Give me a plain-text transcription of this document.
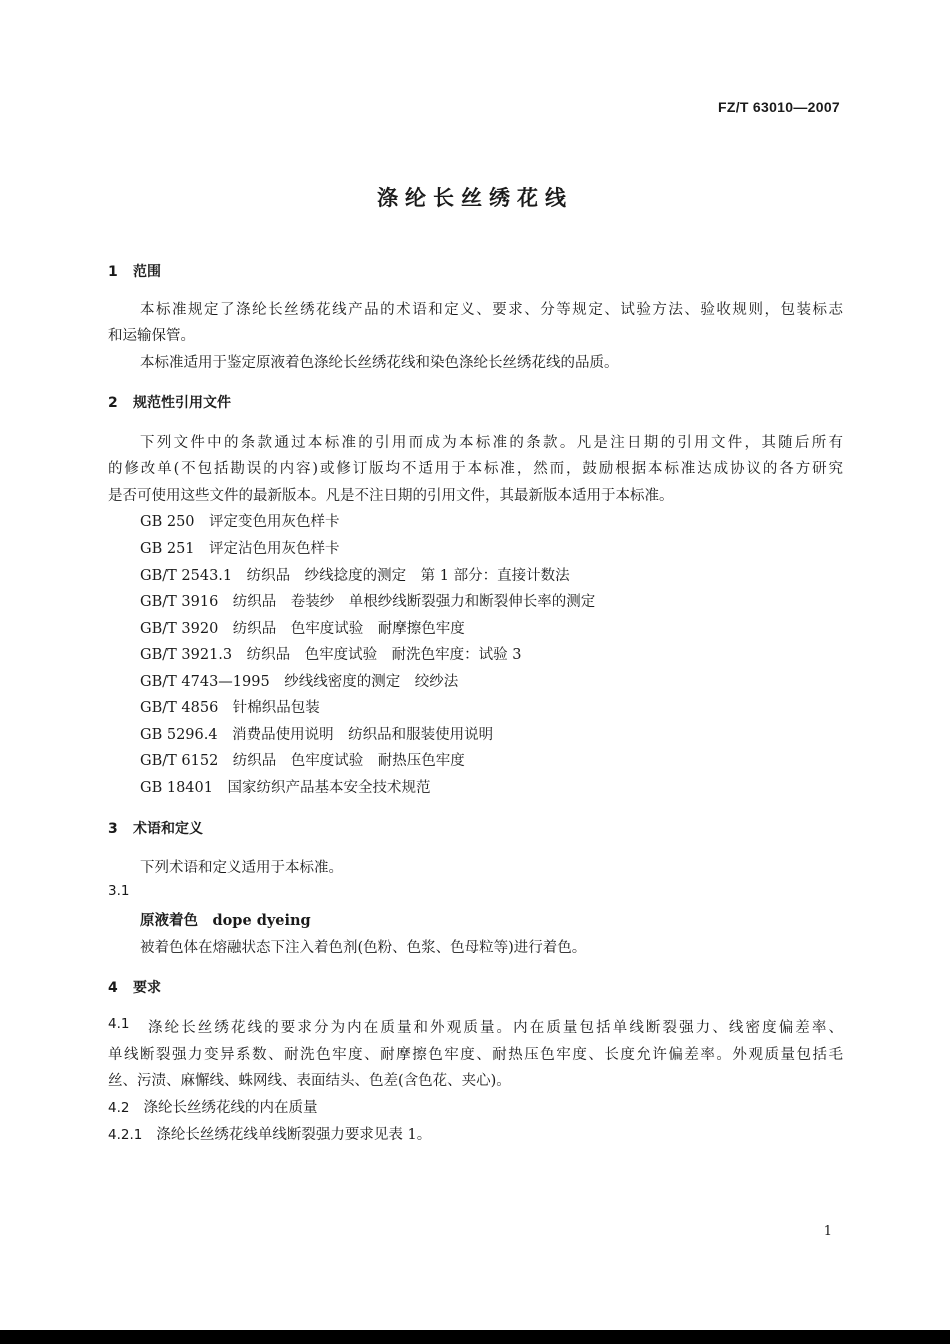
FZ/T 63010—2007
涤纶长丝绣花线
1 范围
本标准规定了涤纶长丝绣花线产品的术语和定义、要求、分等规定、试验方法、验收规则，包装标志
和运输保管。
本标准适用于鉴定原液着色涤纶长丝绣花线和染色涤纶长丝绣花线的品质。
2 规范性引用文件
下列文件中的条款通过本标准的引用而成为本标准的条款。凡是注日期的引用文件，其随后所有
的修改单(不包括勘误的内容)或修订版均不适用于本标准，然而，鼓励根据本标准达成协议的各方研究
是否可使用这些文件的最新版本。凡是不注日期的引用文件，其最新版本适用于本标准。
GB 250　评定变色用灰色样卡
GB 251　评定沾色用灰色样卡
GB/T 2543.1　纺织品　纱线捻度的测定　第 1 部分：直接计数法
GB/T 3916　纺织品　卷装纱　单根纱线断裂强力和断裂伸长率的测定
GB/T 3920　纺织品　色牢度试验　耐摩擦色牢度
GB/T 3921.3　纺织品　色牢度试验　耐洗色牢度：试验 3
GB/T 4743—1995　纱线线密度的测定　绞纱法
GB/T 4856　针棉织品包装
GB 5296.4　消费品使用说明　纺织品和服装使用说明
GB/T 6152　纺织品　色牢度试验　耐热压色牢度
GB 18401　国家纺织产品基本安全技术规范
3 术语和定义
下列术语和定义适用于本标准。
3.1
原液着色　dope dyeing
被着色体在熔融状态下注入着色剂(色粉、色浆、色母粒等)进行着色。
4 要求
4.1	涤纶长丝绣花线的要求分为内在质量和外观质量。内在质量包括单线断裂强力、线密度偏差率、
单线断裂强力变异系数、耐洗色牢度、耐摩擦色牢度、耐热压色牢度、长度允许偏差率。外观质量包括毛
丝、污渍、麻懈线、蛛网线、表面结头、色差(含色花、夹心)。
4.2 涤纶长丝绣花线的内在质量
4.2.1 涤纶长丝绣花线单线断裂强力要求见表 1。
1
